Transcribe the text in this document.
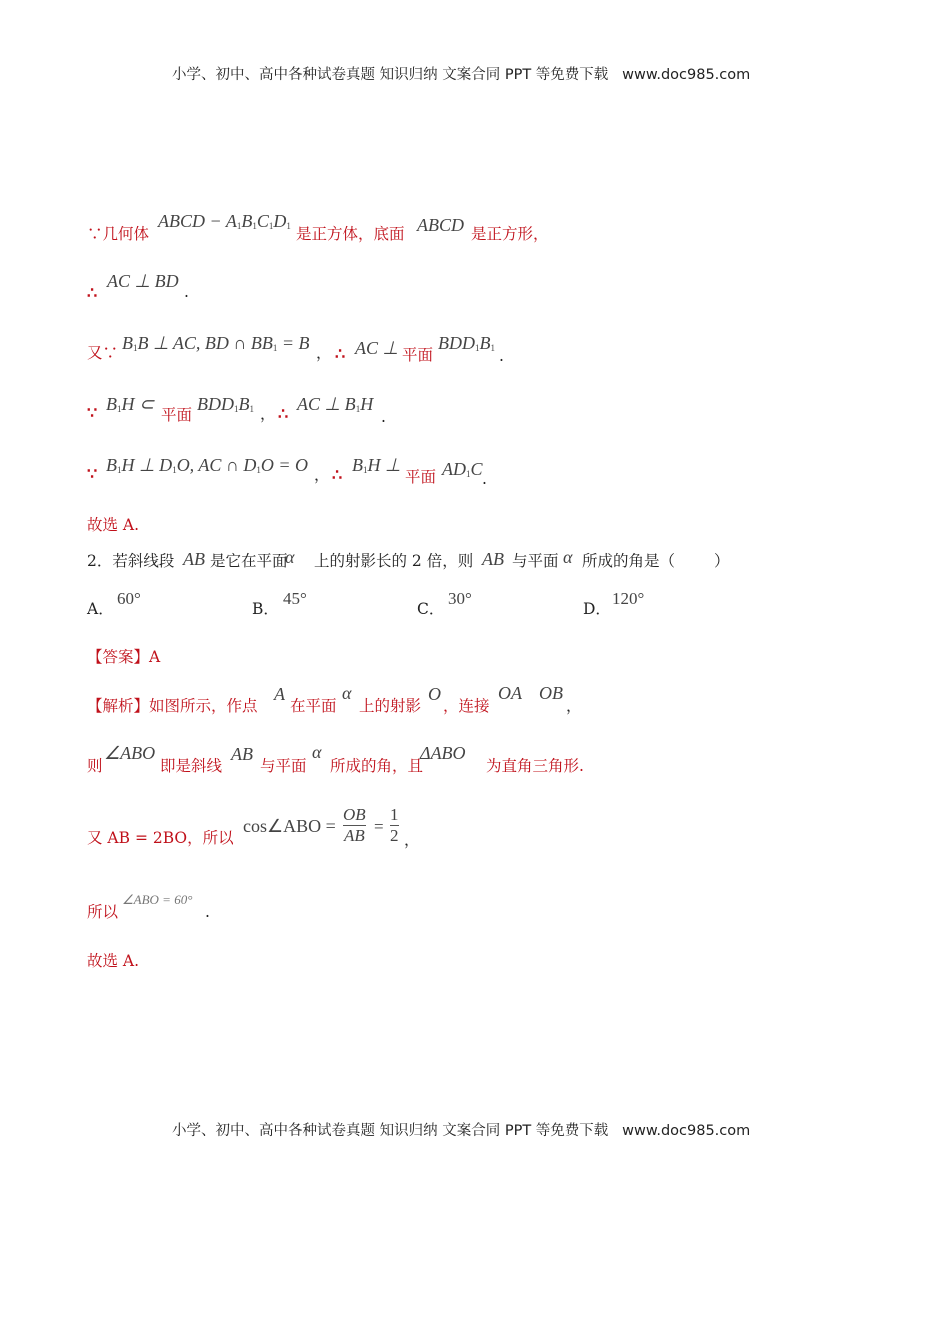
小学、初中、高中各种试卷真题 知识归纳 文案合同 PPT 等免费下载   www.doc985.com
∵几何体
ABCD − $A_1B_1C_1D_1$ 是正方体，底面 ABCD 是正方形，
∴
AC ⊥ BD
.
又∵ $B_1B$ ⊥ AC, BD ∩ $BB_1 = B$ ， ∴ AC ⊥ 平面
$BDD_1B_1$ .
∵ $B_1H$ ⊂
平面
$BDD_1B_1$ ， ∴ AC ⊥ $B_1H$
.
∵ $B_1H$ ⊥ $D_1O$, AC ∩ $D_1O = O$ ， ∴ $B_1H$ ⊥
平面 $AD_1C$ .
故选 A.
2．若斜线段 AB 是它在平面
α 上的射影长的 2 倍，则 AB 与平面 α 所成的角是（	）
A．
60°
B．
45°
C．
30°
D．
120°
【答案】A
【解析】如图所示，作点
A
在平面
α
上的射影
O
，连接
OA OB
，
则
∠ABO
即是斜线
AB
与平面
α
所成的角，且
ΔABO
为直角三角形.
又 AB = 2BO，所以
cos∠ABO =
OB
AB =
1
2 ，
所以
∠ABO = 60°
.
故选 A.
小学、初中、高中各种试卷真题 知识归纳 文案合同 PPT 等免费下载   www.doc985.com
